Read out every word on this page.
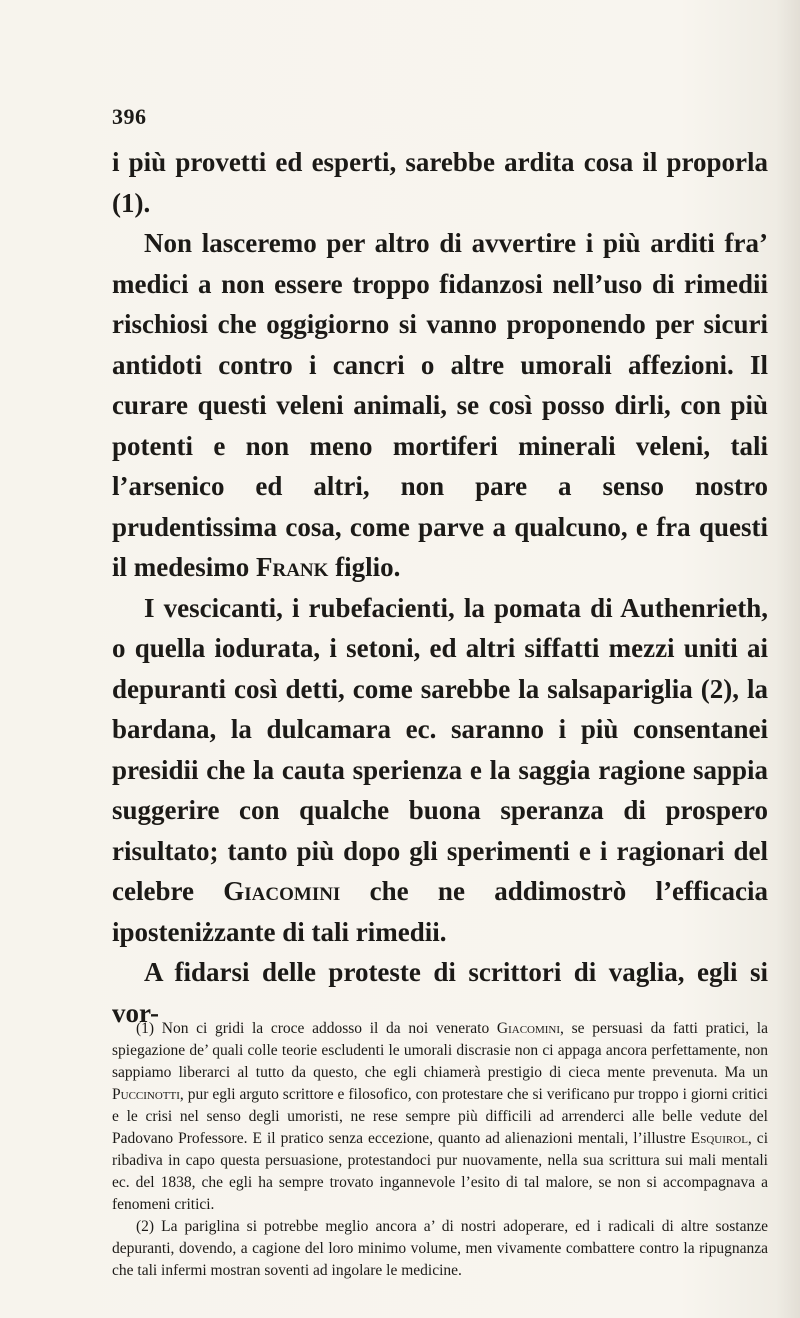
396

i più provetti ed esperti, sarebbe ardita cosa il proporla (1).

Non lasceremo per altro di avvertire i più arditi fra’ medici a non essere troppo fidanzosi nell’uso di rimedii rischiosi che oggigiorno si vanno proponendo per sicuri antidoti contro i cancri o altre umorali affezioni. Il curare questi veleni animali, se così posso dirli, con più potenti e non meno mortiferi minerali veleni, tali l’arsenico ed altri, non pare a senso nostro prudentissima cosa, come parve a qualcuno, e fra questi il medesimo Frank figlio.

I vescicanti, i rubefacienti, la pomata di Authenrieth, o quella iodurata, i setoni, ed altri siffatti mezzi uniti ai depuranti così detti, come sarebbe la salsapariglia (2), la bardana, la dulcamara ec. saranno i più consentanei presidii che la cauta sperienza e la saggia ragione sappia suggerire con qualche buona speranza di prospero risultato; tanto più dopo gli sperimenti e i ragionari del celebre Giacomini che ne addimostrò l’efficacia iposteniżzante di tali rimedii.

A fidarsi delle proteste di scrittori di vaglia, egli si vor-

(1) Non ci gridi la croce addosso il da noi venerato Giacomini, se persuasi da fatti pratici, la spiegazione de’ quali colle teorie escludenti le umorali discrasie non ci appaga ancora perfettamente, non sappiamo liberarci al tutto da questo, che egli chiamerà prestigio di cieca mente prevenuta. Ma un Puccinotti, pur egli arguto scrittore e filosofico, con protestare che si verificano pur troppo i giorni critici e le crisi nel senso degli umoristi, ne rese sempre più difficili ad arrenderci alle belle vedute del Padovano Professore. E il pratico senza eccezione, quanto ad alienazioni mentali, l’illustre Esquirol, ci ribadiva in capo questa persuasione, protestandoci pur nuovamente, nella sua scrittura sui mali mentali ec. del 1838, che egli ha sempre trovato ingannevole l’esito di tal malore, se non si accompagnava a fenomeni critici.

(2) La pariglina si potrebbe meglio ancora a’ di nostri adoperare, ed i radicali di altre sostanze depuranti, dovendo, a cagione del loro minimo volume, men vivamente combattere contro la ripugnanza che tali infermi mostran soventi ad ingolare le medicine.
